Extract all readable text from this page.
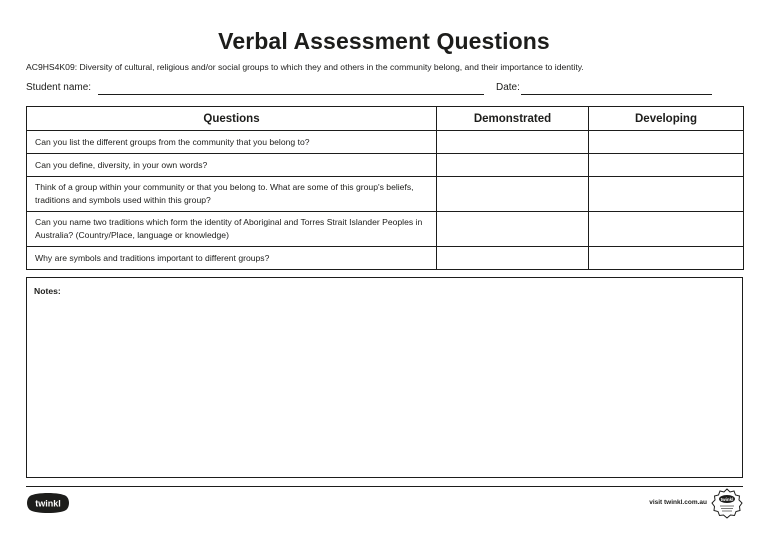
Verbal Assessment Questions
AC9HS4K09: Diversity of cultural, religious and/or social groups to which they and others in the community belong, and their importance to identity.
Student name:	Date:
Questions	Demonstrated	Developing
Can you list the different groups from the community that you belong to?		
Can you define, diversity, in your own words?		
Think of a group within your community or that you belong to. What are some of this group's beliefs, traditions and symbols used within this group?		
Can you name two traditions which form the identity of Aboriginal and Torres Strait Islander Peoples in Australia? (Country/Place, language or knowledge)		
Why are symbols and traditions important to different groups?		
Notes:
twinkl	visit twinkl.com.au	twinkl
